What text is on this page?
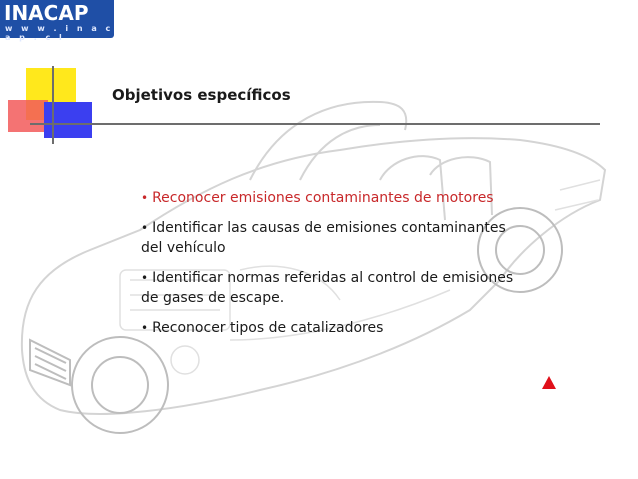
INACAP
w w w . i n a c a p . c l
Objetivos específicos
• Reconocer emisiones contaminantes de motores
• Identificar las causas de emisiones contaminantes del vehículo
• Identificar normas referidas al control de emisiones de gases de escape.
• Reconocer tipos de catalizadores
